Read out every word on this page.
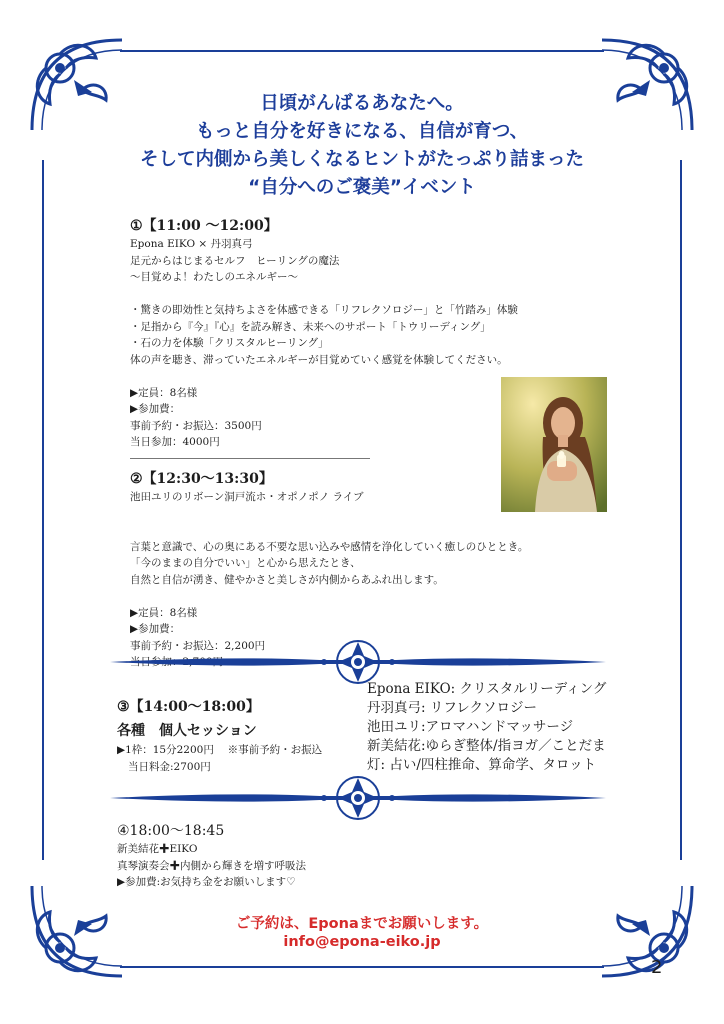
日頃がんばるあなたへ。
もっと自分を好きになる、自信が育つ、
そして内側から美しくなるヒントがたっぷり詰まった
“自分へのご褒美”イベント
①【11:00 ～12:00】
Epona EIKO × 丹羽真弓
足元からはじまるセルフ　ヒーリングの魔法
～目覚めよ！わたしのエネルギー～
・驚きの即効性と気持ちよさを体感できる「リフレクソロジー」と「竹踏み」体験
・足指から『今』『心』を読み解き、未来へのサポート「トウリーディング」
・石の力を体験「クリスタルヒーリング」
体の声を聴き、滞っていたエネルギーが目覚めていく感覚を体験してください。
▶定員：8名様
▶参加費：
事前予約・お振込：3500円
当日参加：4000円
②【12:30～13:30】
池田ユリのリボーン洞戸流ホ・オポノポノ ライブ
言葉と意識で、心の奥にある不要な思い込みや感情を浄化していく癒しのひととき。
「今のままの自分でいい」と心から思えたとき、
自然と自信が湧き、健やかさと美しさが内側からあふれ出します。
▶定員：8名様
▶参加費：
事前予約・お振込：2,200円
③【14:00～18:00】
各種　個人セッション
▶1枠：15分2200円　 ※事前予約・お振込
当日料金:2700円
Epona EIKO: クリスタルリーディング
丹羽真弓: リフレクソロジー
池田ユリ:アロマハンドマッサージ
新美結花:ゆらぎ整体/指ヨガ／ことだま
灯: 占い/四柱推命、算命学、タロット
④18:00～18:45
新美結花✚EIKO
真琴演奏会✚内側から輝きを増す呼吸法
▶参加費:お気持ち金をお願いします♡
ご予約は、Eponaまでお願いします。
info@epona-eiko.jp
2
